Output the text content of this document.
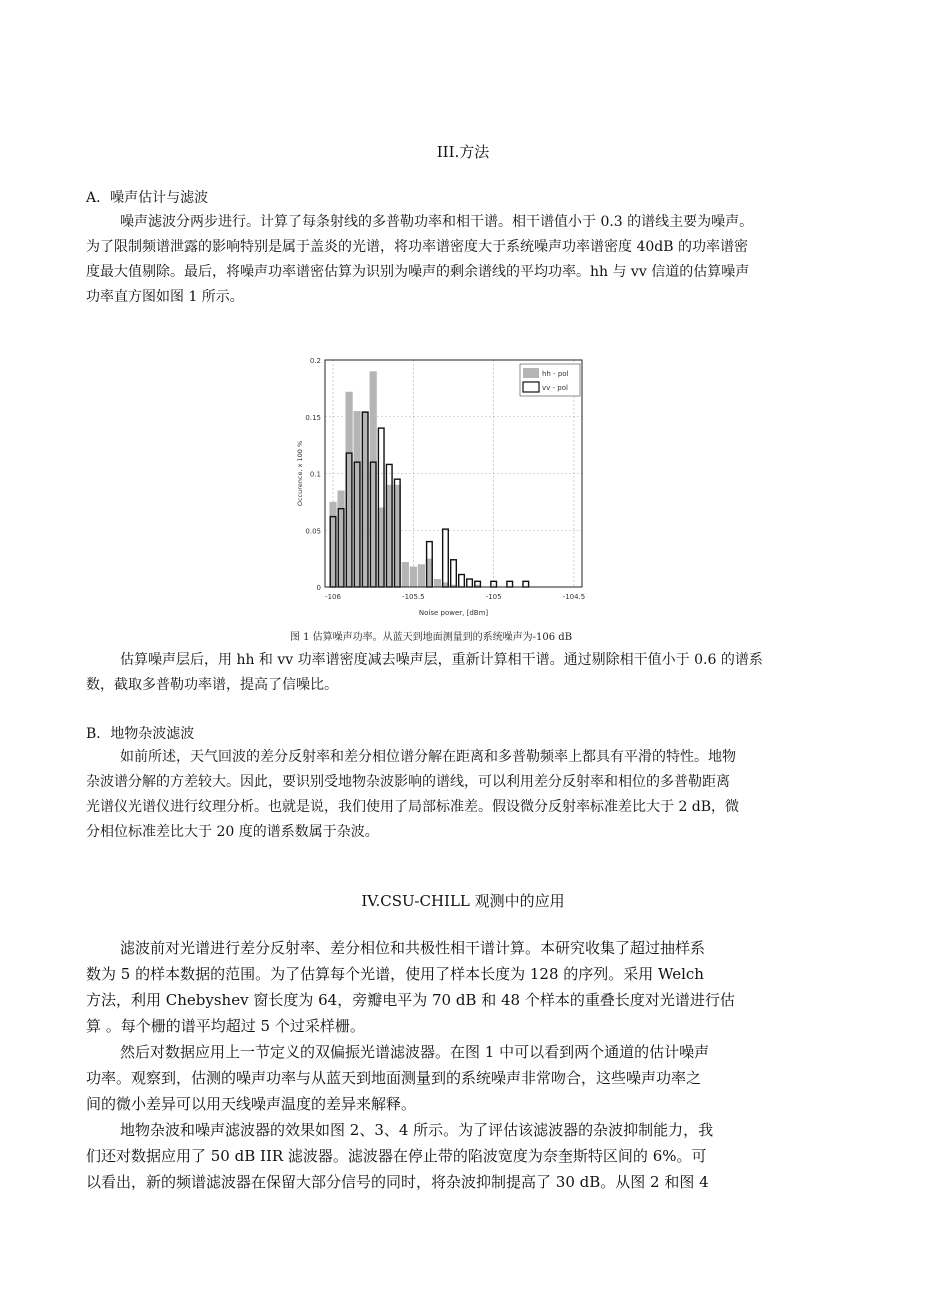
III.方法
A．噪声估计与滤波
噪声滤波分两步进行。计算了每条射线的多普勒功率和相干谱。相干谱值小于 0.3 的谱线主要为噪声。
为了限制频谱泄露的影响特别是属于盖炎的光谱，将功率谱密度大于系统噪声功率谱密度 40dB 的功率谱密
度最大值剔除。最后，将噪声功率谱密估算为识别为噪声的剩余谱线的平均功率。hh 与 vv 信道的估算噪声
功率直方图如图 1 所示。
0
0.05
0.1
0.15
0.2
-106	-105.5	-105	-104.5
Noise power, [dBm]
Occurence, x 100 %
hh - pol
vv - pol
图 1 估算噪声功率。从蓝天到地面测量到的系统噪声为-106 dB
估算噪声层后，用 hh 和 vv 功率谱密度减去噪声层，重新计算相干谱。通过剔除相干值小于 0.6 的谱系
数，截取多普勒功率谱，提高了信噪比。
B．地物杂波滤波
如前所述，天气回波的差分反射率和差分相位谱分解在距离和多普勒频率上都具有平滑的特性。地物
杂波谱分解的方差较大。因此，要识别受地物杂波影响的谱线，可以利用差分反射率和相位的多普勒距离
光谱仪光谱仪进行纹理分析。也就是说，我们使用了局部标准差。假设微分反射率标准差比大于 2 dB，微
分相位标准差比大于 20 度的谱系数属于杂波。
IV.CSU-CHILL 观测中的应用
滤波前对光谱进行差分反射率、差分相位和共极性相干谱计算。本研究收集了超过抽样系
数为 5 的样本数据的范围。为了估算每个光谱，使用了样本长度为 128 的序列。采用 Welch
方法，利用 Chebyshev 窗长度为 64，旁瓣电平为 70 dB 和 48 个样本的重叠长度对光谱进行估
算 。每个栅的谱平均超过 5 个过采样栅。
然后对数据应用上一节定义的双偏振光谱滤波器。在图 1 中可以看到两个通道的估计噪声
功率。观察到，估测的噪声功率与从蓝天到地面测量到的系统噪声非常吻合，这些噪声功率之
间的微小差异可以用天线噪声温度的差异来解释。
地物杂波和噪声滤波器的效果如图 2、3、4 所示。为了评估该滤波器的杂波抑制能力，我
们还对数据应用了 50 dB IIR 滤波器。滤波器在停止带的陷波宽度为奈奎斯特区间的 6%。可
以看出，新的频谱滤波器在保留大部分信号的同时，将杂波抑制提高了 30 dB。从图 2 和图 4
